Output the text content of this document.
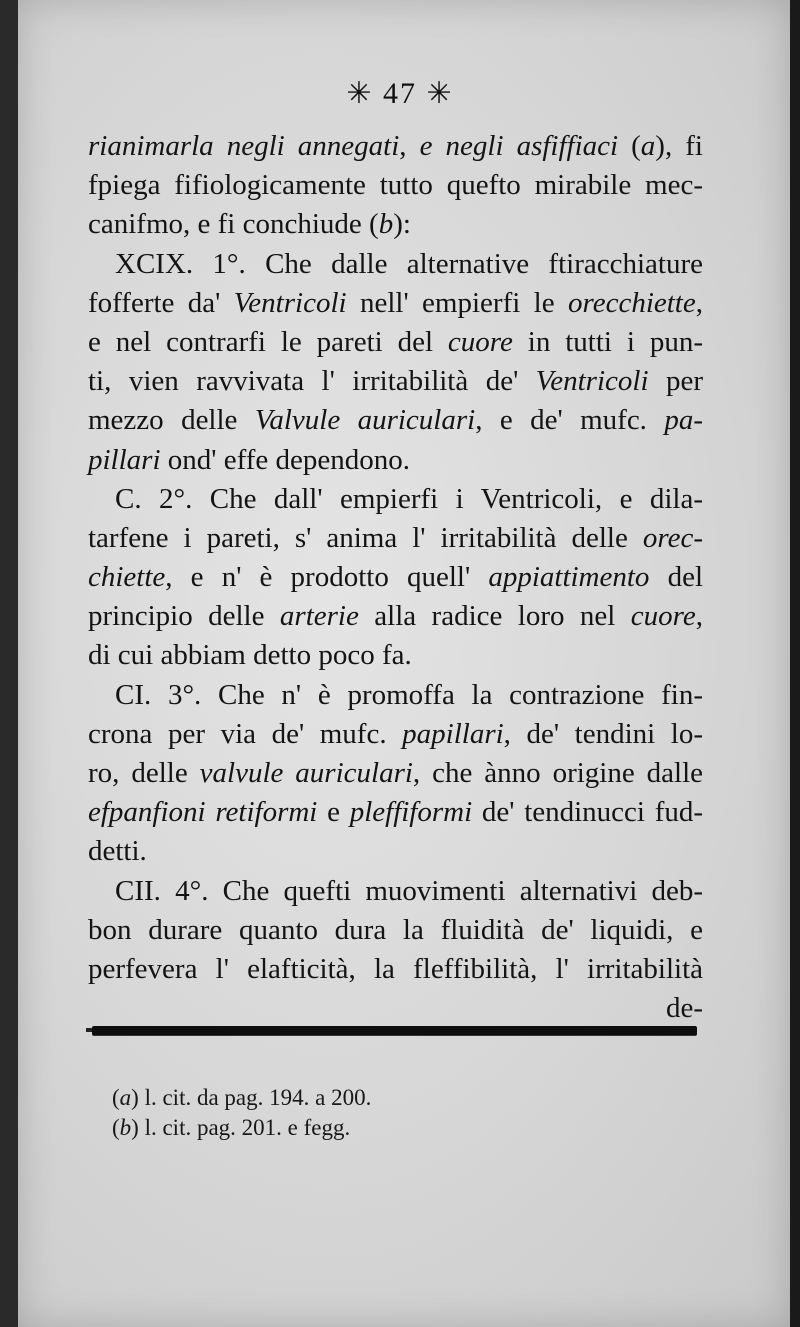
✳ 47 ✳
rianimarla negli annegati, e negli asfiffiaci (a), fi
fpiega fifiologicamente tutto quefto mirabile mec-
canifmo, e fi conchiude (b):
XCIX. 1°. Che dalle alternative ftiracchiature
fofferte da' Ventricoli nell' empierfi le orecchiette,
e nel contrarfi le pareti del cuore in tutti i pun-
ti, vien ravvivata l' irritabilità de' Ventricoli per
mezzo delle Valvule auriculari, e de' mufc. pa-
pillari ond' effe dependono.
C. 2°. Che dall' empierfi i Ventricoli, e dila-
tarfene i pareti, s' anima l' irritabilità delle orec-
chiette, e n' è prodotto quell' appiattimento del
principio delle arterie alla radice loro nel cuore,
di cui abbiam detto poco fa.
CI. 3°. Che n' è promoffa la contrazione fin-
crona per via de' mufc. papillari, de' tendini lo-
ro, delle valvule auriculari, che ànno origine dalle
efpanfioni retiformi e pleffiformi de' tendinucci fud-
detti.
CII. 4°. Che quefti muovimenti alternativi deb-
bon durare quanto dura la fluidità de' liquidi, e
perfevera l' elafticità, la fleffibilità, l' irritabilità
de-
(a) l. cit. da pag. 194. a 200.
(b) l. cit. pag. 201. e fegg.
